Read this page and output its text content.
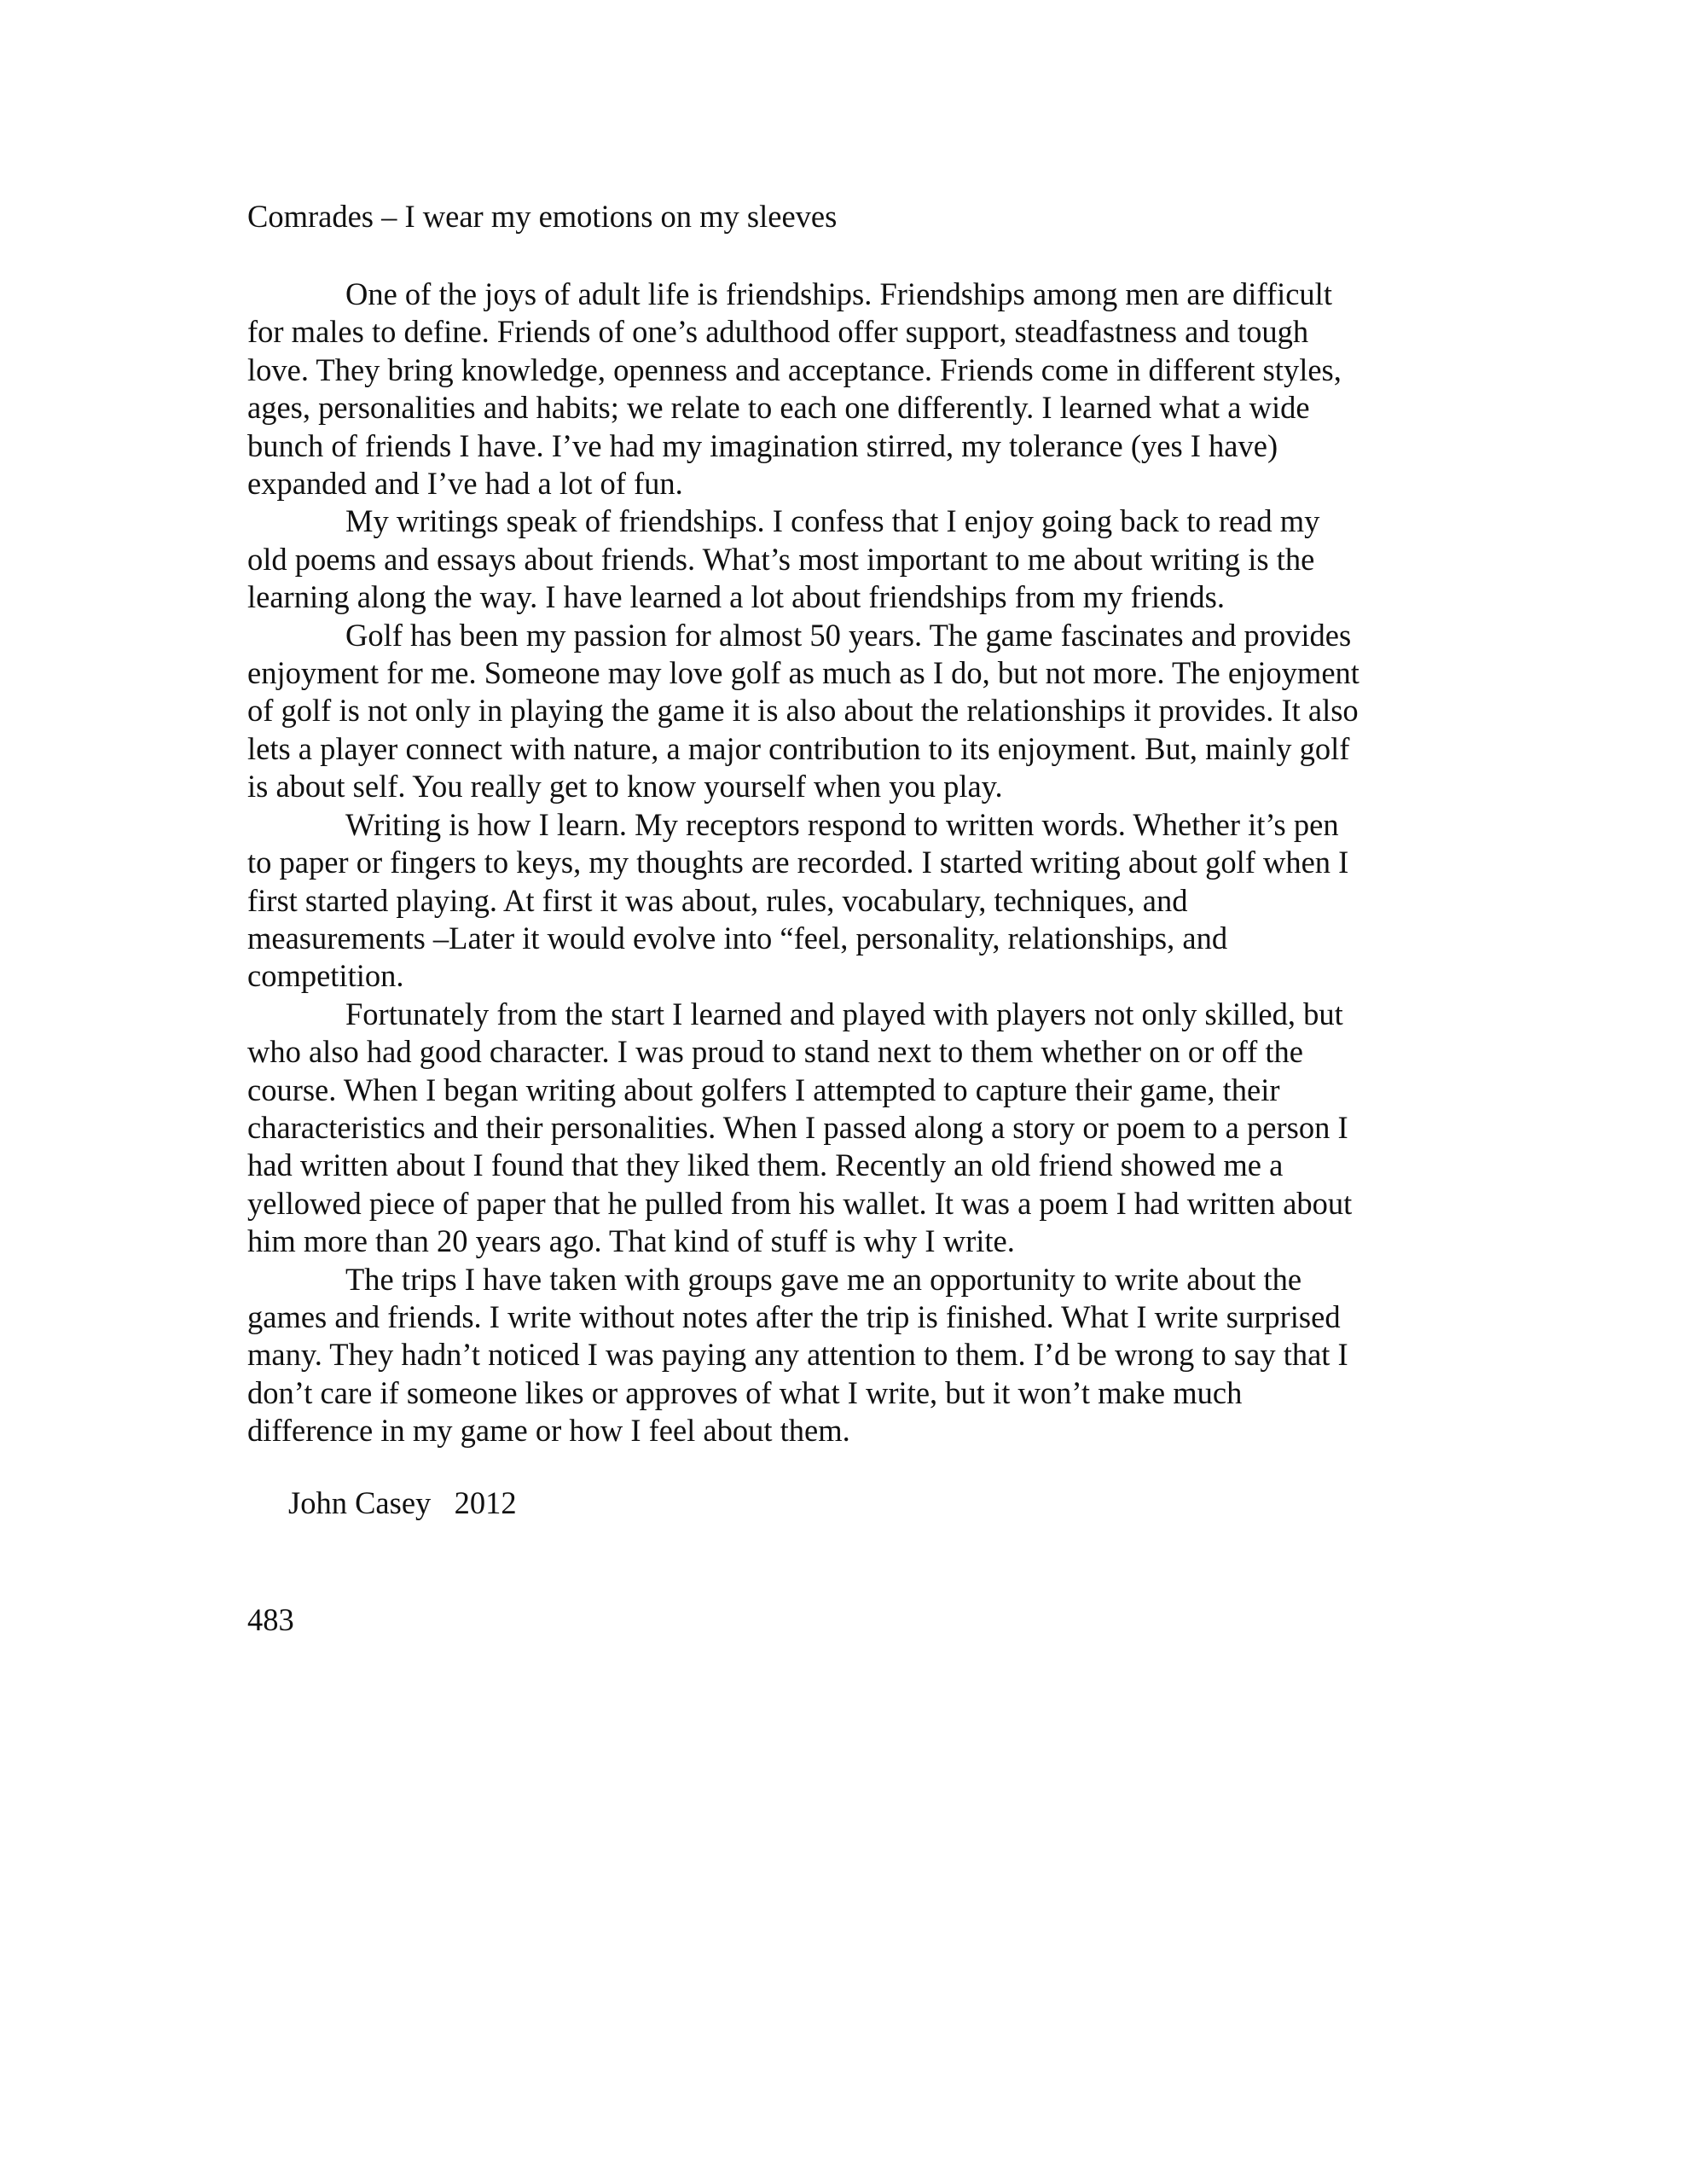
Comrades – I wear my emotions on my sleeves
One of the joys of adult life is friendships. Friendships among men are difficult
for males to define. Friends of one’s adulthood offer support, steadfastness and tough
love. They bring knowledge, openness and acceptance. Friends come in different styles,
ages, personalities and habits; we relate to each one differently. I learned what a wide
bunch of friends I have. I’ve had my imagination stirred, my tolerance (yes I have)
expanded and I’ve had a lot of fun.
My writings speak of friendships. I confess that I enjoy going back to read my
old poems and essays about friends. What’s most important to me about writing is the
learning along the way. I have learned a lot about friendships from my friends.
Golf has been my passion for almost 50 years. The game fascinates and provides
enjoyment for me. Someone may love golf as much as I do, but not more. The enjoyment
of golf is not only in playing the game it is also about the relationships it provides. It also
lets a player connect with nature, a major contribution to its enjoyment. But, mainly golf
is about self. You really get to know yourself when you play.
Writing is how I learn. My receptors respond to written words. Whether it’s pen
to paper or fingers to keys, my thoughts are recorded. I started writing about golf when I
first started playing. At first it was about, rules, vocabulary, techniques, and
measurements –Later it would evolve into “feel, personality, relationships, and
competition.
Fortunately from the start I learned and played with players not only skilled, but
who also had good character. I was proud to stand next to them whether on or off the
course. When I began writing about golfers I attempted to capture their game, their
characteristics and their personalities. When I passed along a story or poem to a person I
had written about I found that they liked them. Recently an old friend showed me a
yellowed piece of paper that he pulled from his wallet. It was a poem I had written about
him more than 20 years ago. That kind of stuff is why I write.
The trips I have taken with groups gave me an opportunity to write about the
games and friends. I write without notes after the trip is finished. What I write surprised
many. They hadn’t noticed I was paying any attention to them. I’d be wrong to say that I
don’t care if someone likes or approves of what I write, but it won’t make much
difference in my game or how I feel about them.
John Casey   2012
483
